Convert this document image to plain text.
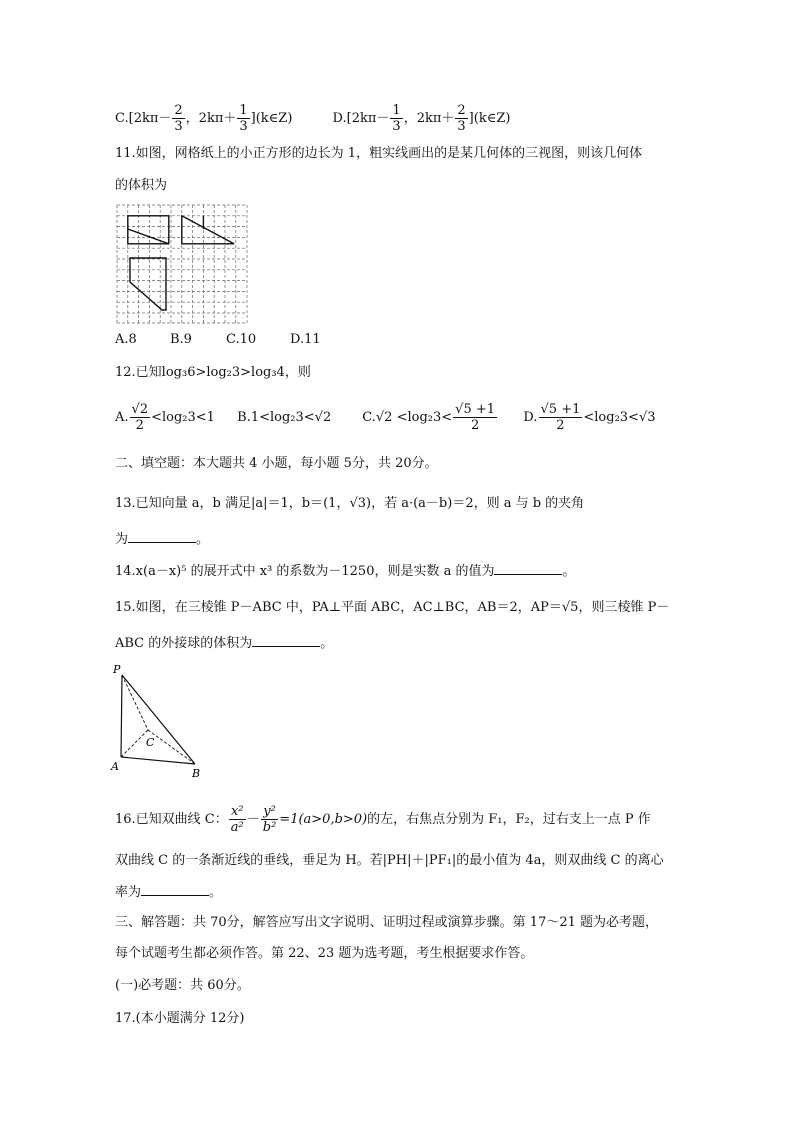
$C.[2k\pi- \frac{2}{3}$ ，$2k\pi+ \frac{1}{3}$ ](k∈Z)	$D.[2k\pi- \frac{1}{3}$ ，$2k\pi+ \frac{2}{3}$ ](k∈Z)
11.如图，网格纸上的小正方形的边长为 1，粗实线画出的是某几何体的三视图，则该几何体
的体积为
A.8	B.9	C.10	D.11
12.已知log₃6>log₂3>log₃4，则
A. $\frac{√2}{2} <\log_23<1$ B.1<log₂3<√2 $C.√2 <\log_23< \frac{√5 +1}{2} D$. $\frac{√5 +1}{2} <\log_23<√3$
二、填空题：本大题共 4 小题，每小题 5分，共 20分。
13.已知向量 a，b 满足|a|＝1，b＝(1，√3)，若 a·(a－b)＝2，则 a 与 b 的夹角
为	。
14.x(a－x)⁵ 的展开式中 x³ 的系数为－1250，则是实数 a 的值为	。
15.如图，在三棱锥 P－ABC 中，PA⊥平面 ABC，AC⊥BC，AB＝2，AP＝√5，则三棱锥 P－
ABC 的外接球的体积为	。
P
C
A
B
16.已知双曲线 C： $\frac{\text{x²}}{\text{a²}} - \frac{\text{y²}}{\text{b²}} =1(a>0,b>0)$的左，右焦点分别为 F₁，F₂，过右支上一点 P 作
双曲线 C 的一条渐近线的垂线，垂足为 H。若|PH|＋|PF₁|的最小值为 4a，则双曲线 C 的离心
率为	。
三、解答题：共 70分，解答应写出文字说明、证明过程或演算步骤。第 17～21 题为必考题，
每个试题考生都必须作答。第 22、23 题为选考题，考生根据要求作答。
(一)必考题：共 60分。
17.(本小题满分 12分)
